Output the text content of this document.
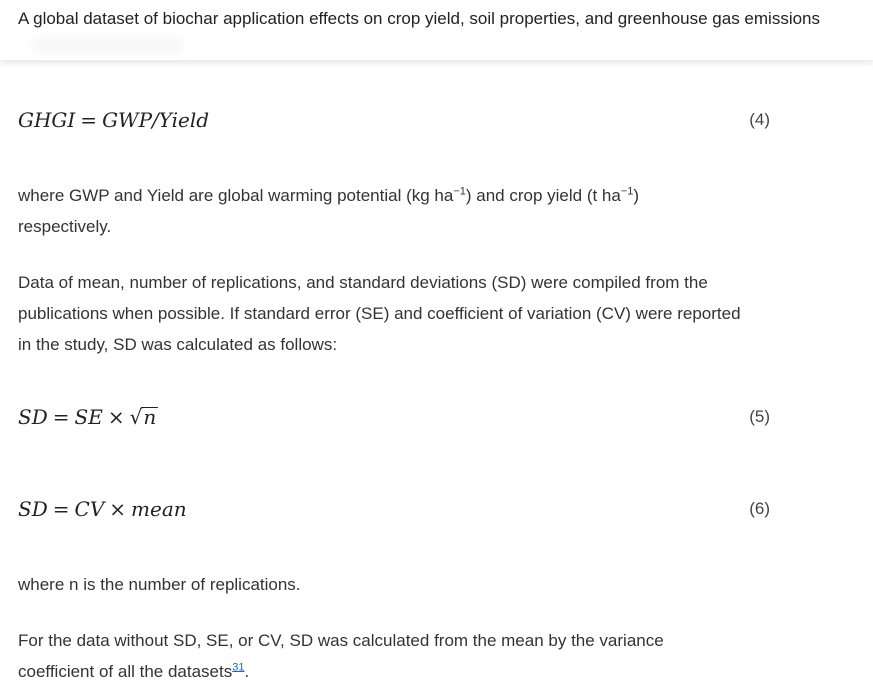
A global dataset of biochar application effects on crop yield, soil properties, and greenhouse gas emissions
GHGI = GWP/Yield	(4)
where GWP and Yield are global warming potential (kg $ha^{-1}$) and crop yield (t $ha^{-1}$)
respectively.
Data of mean, number of replications, and standard deviations (SD) were compiled from the publications when possible. If standard error (SE) and coefficient of variation (CV) were reported in the study, SD was calculated as follows:
SD = SE × √n	(5)
SD = CV × mean	(6)
where n is the number of replications.
For the data without SD, SE, or CV, SD was calculated from the mean by the variance coefficient of all the datasets$^{31}$.
